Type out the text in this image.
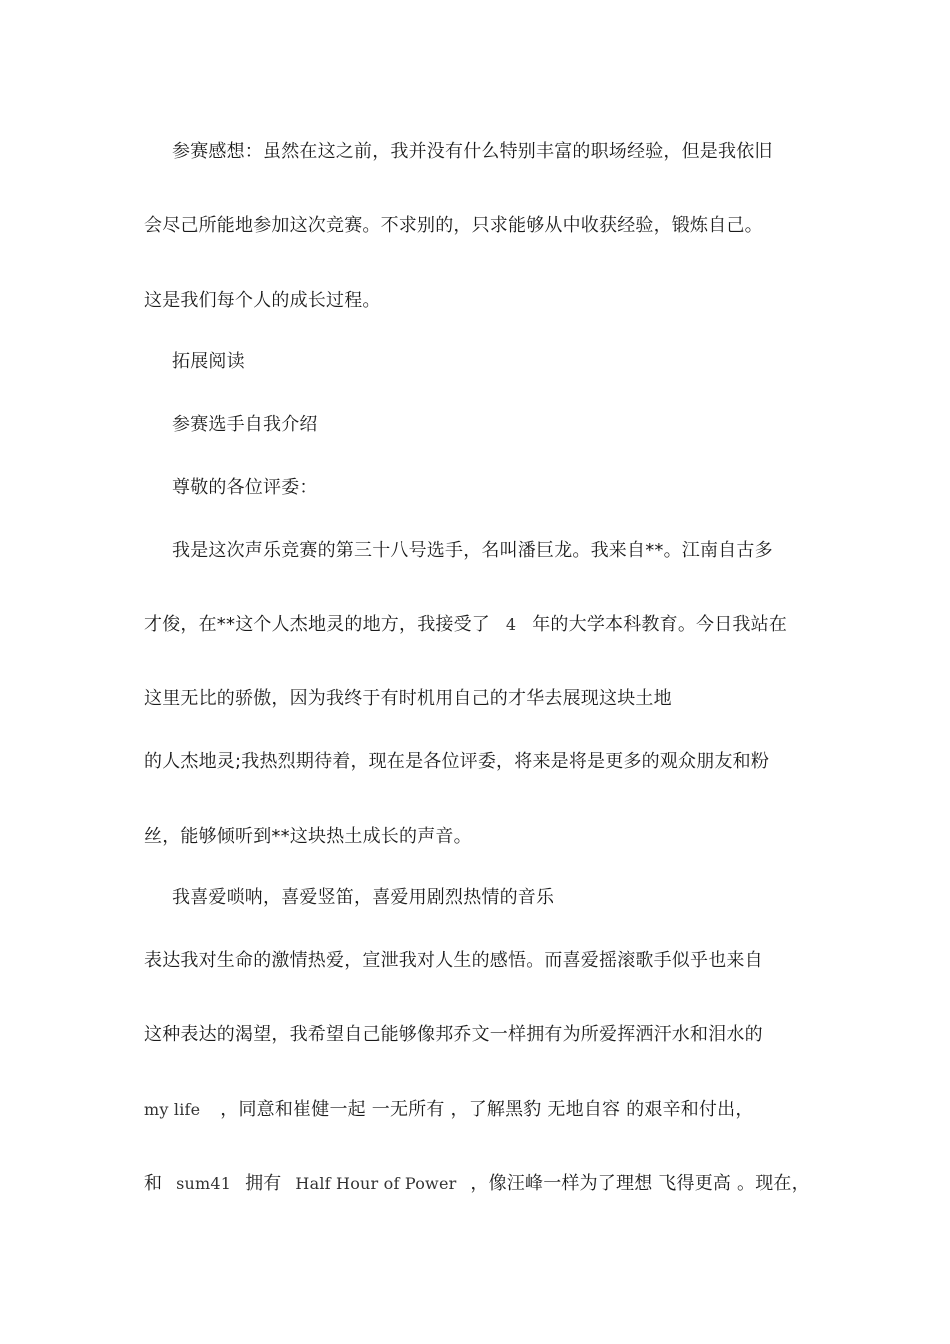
参赛感想：虽然在这之前，我并没有什么特别丰富的职场经验，但是我依旧
会尽己所能地参加这次竞赛。不求别的，只求能够从中收获经验，锻炼自己。
这是我们每个人的成长过程。
拓展阅读
参赛选手自我介绍
尊敬的各位评委：
我是这次声乐竞赛的第三十八号选手，名叫潘巨龙。我来自**。江南自古多
才俊，在**这个人杰地灵的地方，我接受了 4 年的大学本科教育。今日我站在
这里无比的骄傲，因为我终于有时机用自己的才华去展现这块土地
的人杰地灵;我热烈期待着，现在是各位评委，将来是将是更多的观众朋友和粉
丝，能够倾听到**这块热土成长的声音。
我喜爱唢呐，喜爱竖笛，喜爱用剧烈热情的音乐
表达我对生命的激情热爱，宣泄我对人生的感悟。而喜爱摇滚歌手似乎也来自
这种表达的渴望，我希望自己能够像邦乔文一样拥有为所爱挥洒汗水和泪水的
my life ，同意和崔健一起 一无所有 ，了解黑豹 无地自容 的艰辛和付出，
和 sum41 拥有 Half Hour of Power ，像汪峰一样为了理想 飞得更高 。现在，
